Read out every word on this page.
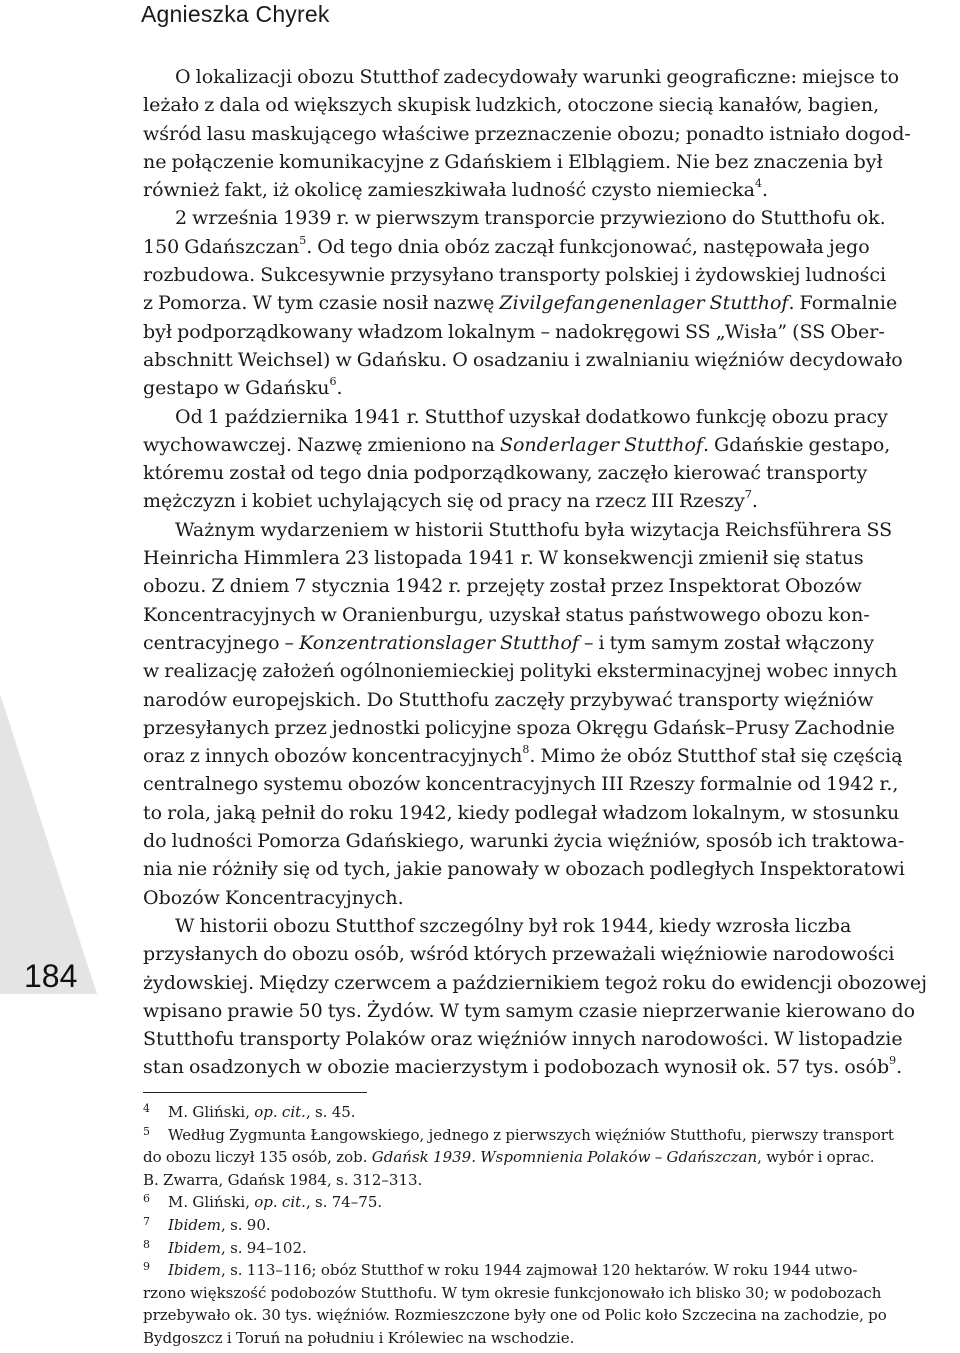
Agnieszka Chyrek
184
O lokalizacji obozu Stutthof zadecydowały warunki geograficzne: miejsce to
leżało z dala od większych skupisk ludzkich, otoczone siecią kanałów, bagien,
wśród lasu maskującego właściwe przeznaczenie obozu; ponadto istniało dogod-
ne połączenie komunikacyjne z Gdańskiem i Elblągiem. Nie bez znaczenia był
również fakt, iż okolicę zamieszkiwała ludność czysto niemiecka$^4$.
2 września 1939 r. w pierwszym transporcie przywieziono do Stutthofu ok.
150 Gdańszczan$^5$. Od tego dnia obóz zaczął funkcjonować, następowała jego
rozbudowa. Sukcesywnie przysyłano transporty polskiej i żydowskiej ludności
z Pomorza. W tym czasie nosił nazwę Zivilgefangenenlager Stutthof. Formalnie
był podporządkowany władzom lokalnym – nadokręgowi SS „Wisła” (SS Ober-
abschnitt Weichsel) w Gdańsku. O osadzaniu i zwalnianiu więźniów decydowało
gestapo w Gdańsku$^6$.
Od 1 października 1941 r. Stutthof uzyskał dodatkowo funkcję obozu pracy
wychowawczej. Nazwę zmieniono na Sonderlager Stutthof. Gdańskie gestapo,
któremu został od tego dnia podporządkowany, zaczęło kierować transporty
mężczyzn i kobiet uchylających się od pracy na rzecz III Rzeszy$^7$.
Ważnym wydarzeniem w historii Stutthofu była wizytacja Reichsführera SS
Heinricha Himmlera 23 listopada 1941 r. W konsekwencji zmienił się status
obozu. Z dniem 7 stycznia 1942 r. przejęty został przez Inspektorat Obozów
Koncentracyjnych w Oranienburgu, uzyskał status państwowego obozu kon-
centracyjnego – Konzentrationslager Stutthof – i tym samym został włączony
w realizację założeń ogólnoniemieckiej polityki eksterminacyjnej wobec innych
narodów europejskich. Do Stutthofu zaczęły przybywać transporty więźniów
przesyłanych przez jednostki policyjne spoza Okręgu Gdańsk–Prusy Zachodnie
oraz z innych obozów koncentracyjnych$^8$. Mimo że obóz Stutthof stał się częścią
centralnego systemu obozów koncentracyjnych III Rzeszy formalnie od 1942 r.,
to rola, jaką pełnił do roku 1942, kiedy podlegał władzom lokalnym, w stosunku
do ludności Pomorza Gdańskiego, warunki życia więźniów, sposób ich traktowa-
nia nie różniły się od tych, jakie panowały w obozach podległych Inspektoratowi
Obozów Koncentracyjnych.
W historii obozu Stutthof szczególny był rok 1944, kiedy wzrosła liczba
przysłanych do obozu osób, wśród których przeważali więźniowie narodowości
żydowskiej. Między czerwcem a październikiem tegoż roku do ewidencji obozowej
wpisano prawie 50 tys. Żydów. W tym samym czasie nieprzerwanie kierowano do
Stutthofu transporty Polaków oraz więźniów innych narodowości. W listopadzie
stan osadzonych w obozie macierzystym i podobozach wynosił ok. 57 tys. osób$^9$.
4 M. Gliński, op. cit., s. 45.
5 Według Zygmunta Łangowskiego, jednego z pierwszych więźniów Stutthofu, pierwszy transport
do obozu liczył 135 osób, zob. Gdańsk 1939. Wspomnienia Polaków – Gdańszczan, wybór i oprac.
B. Zwarra, Gdańsk 1984, s. 312–313.
6 M. Gliński, op. cit., s. 74–75.
7 Ibidem, s. 90.
8 Ibidem, s. 94–102.
9 Ibidem, s. 113–116; obóz Stutthof w roku 1944 zajmował 120 hektarów. W roku 1944 utwo-
rzono większość podobozów Stutthofu. W tym okresie funkcjonowało ich blisko 30; w podobozach
przebywało ok. 30 tys. więźniów. Rozmieszczone były one od Polic koło Szczecina na zachodzie, po
Bydgoszcz i Toruń na południu i Królewiec na wschodzie.
